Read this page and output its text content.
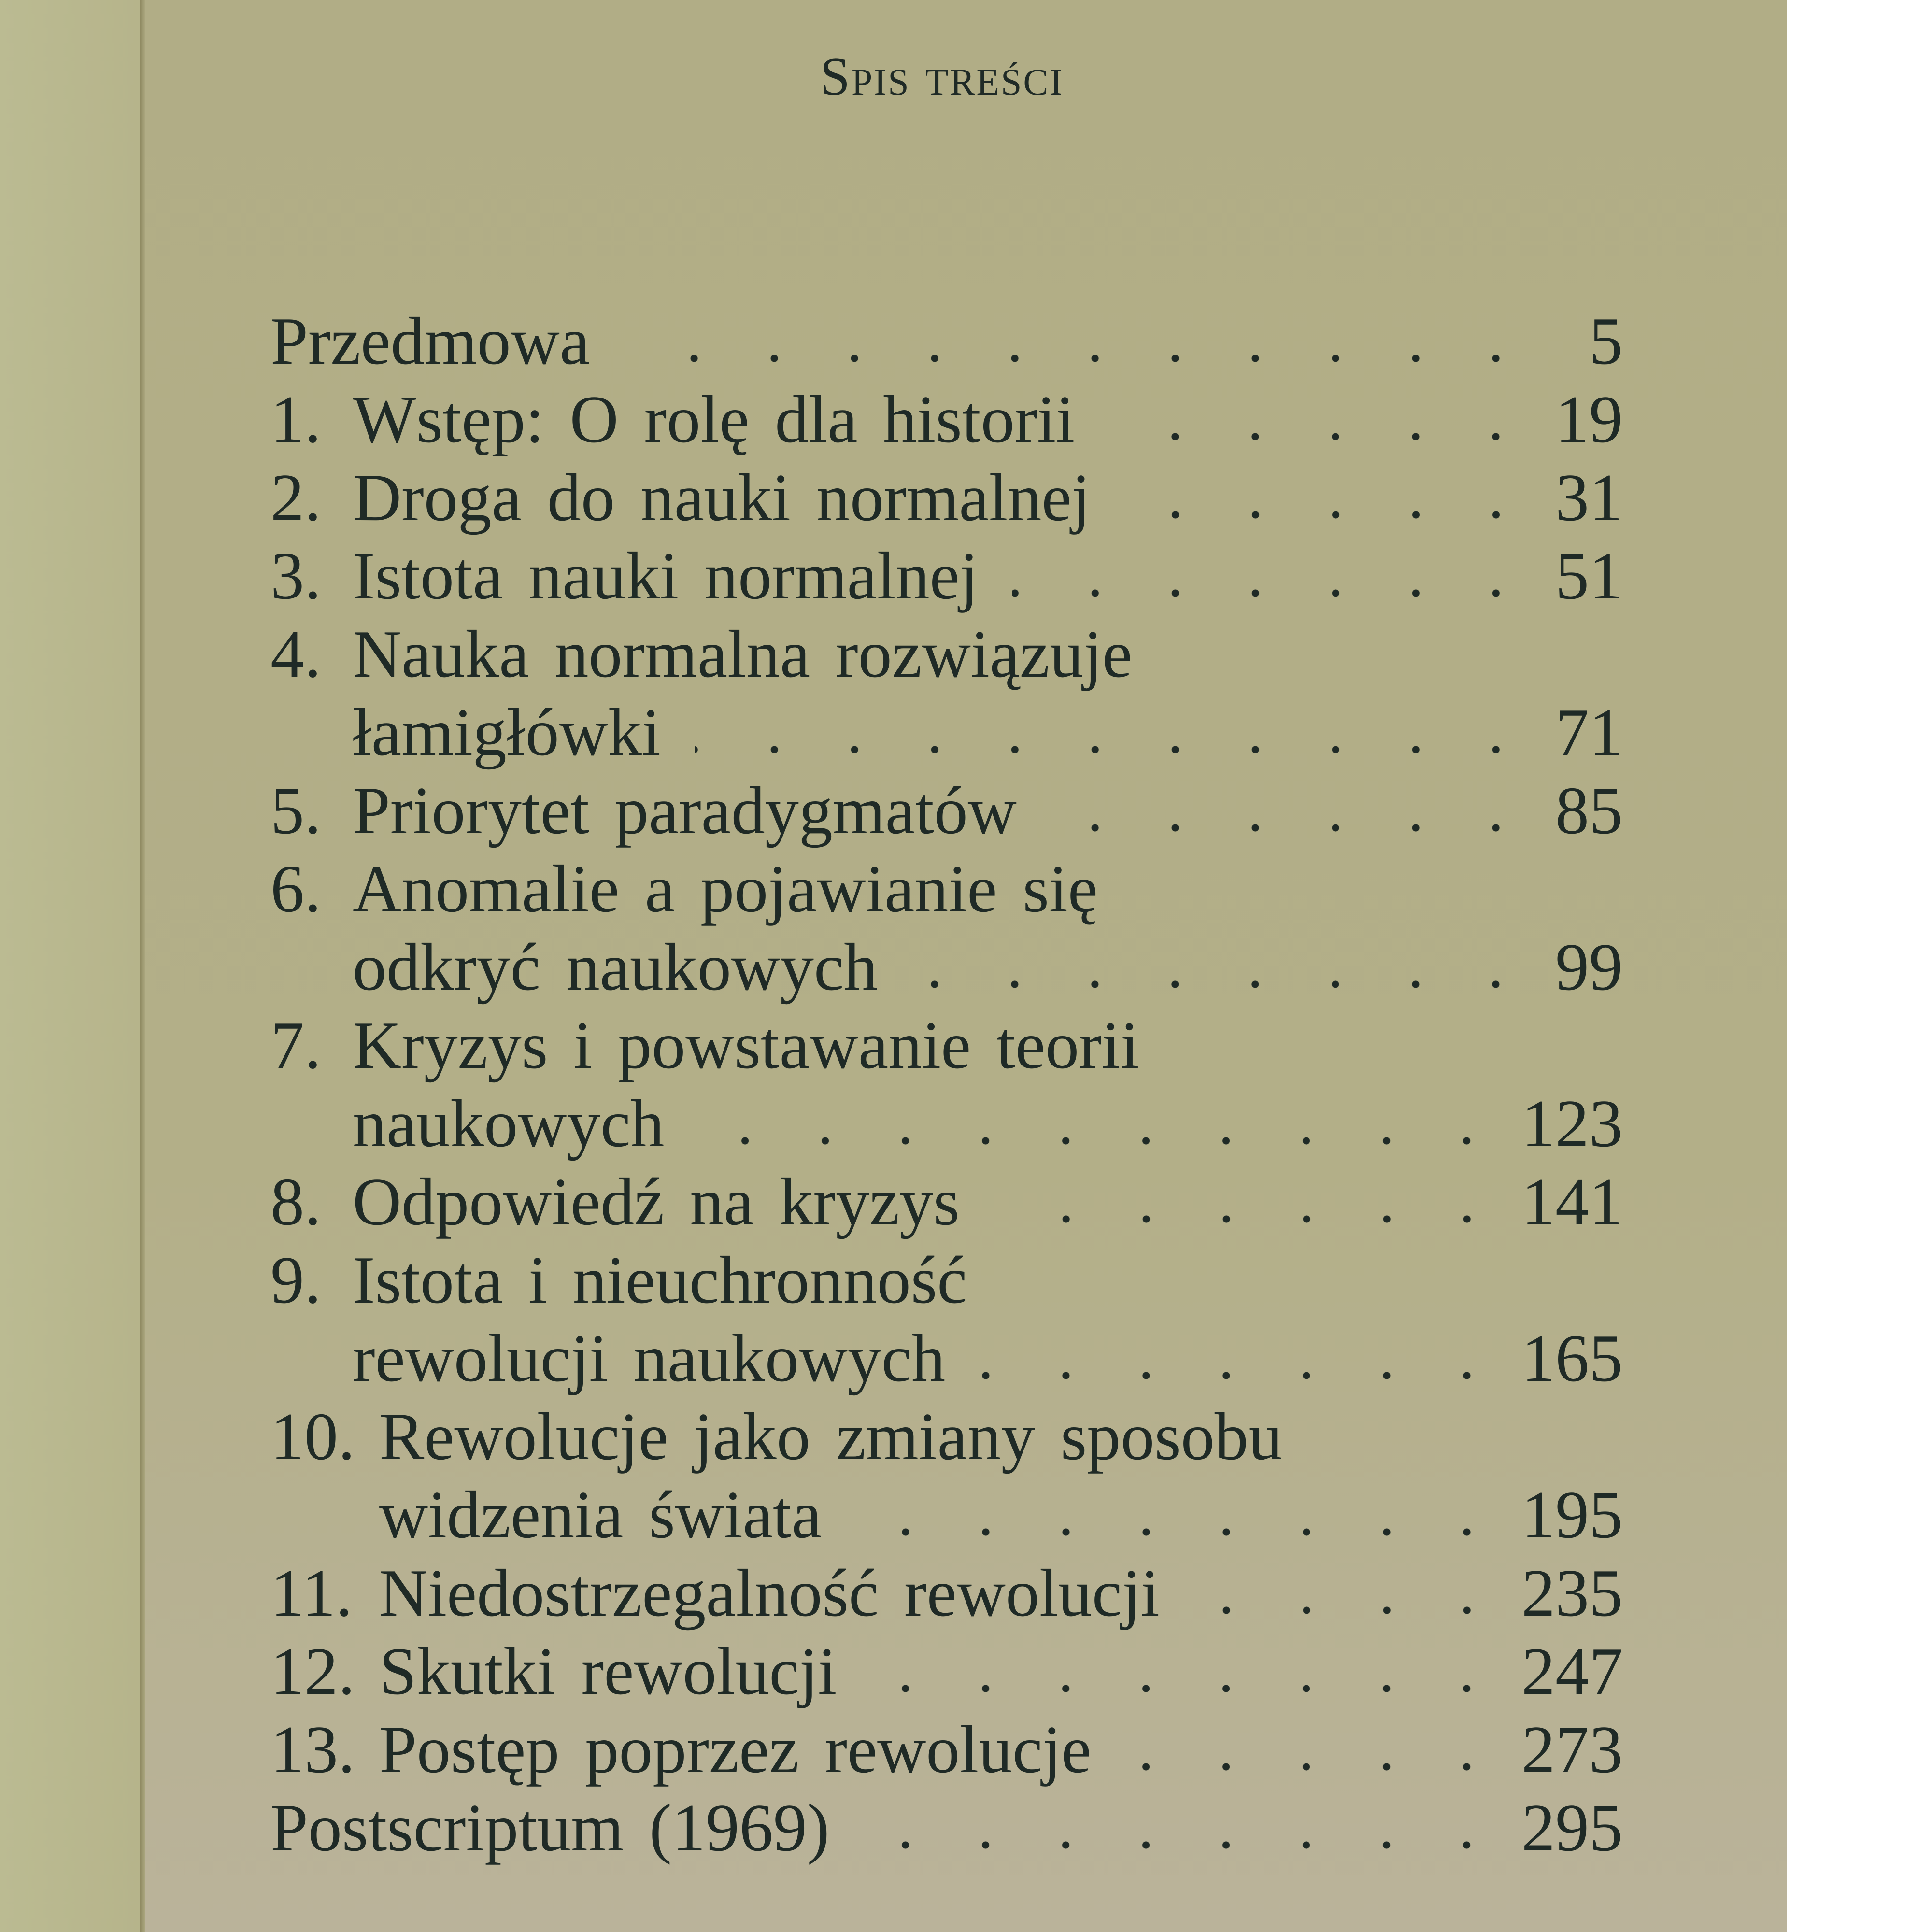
Spis treści
Przedmowa	5
1. Wstęp: O rolę dla historii	19
2. Droga do nauki normalnej	31
3. Istota nauki normalnej	51
4. Nauka normalna rozwiązuje
łamigłówki	71
5. Priorytet paradygmatów	85
6. Anomalie a pojawianie się
odkryć naukowych	99
7. Kryzys i powstawanie teorii
naukowych	123
8. Odpowiedź na kryzys	141
9. Istota i nieuchronność
rewolucji naukowych	165
10. Rewolucje jako zmiany sposobu
widzenia świata	195
11. Niedostrzegalność rewolucji	235
12. Skutki rewolucji	247
13. Postęp poprzez rewolucje	273
Postscriptum (1969)	295
